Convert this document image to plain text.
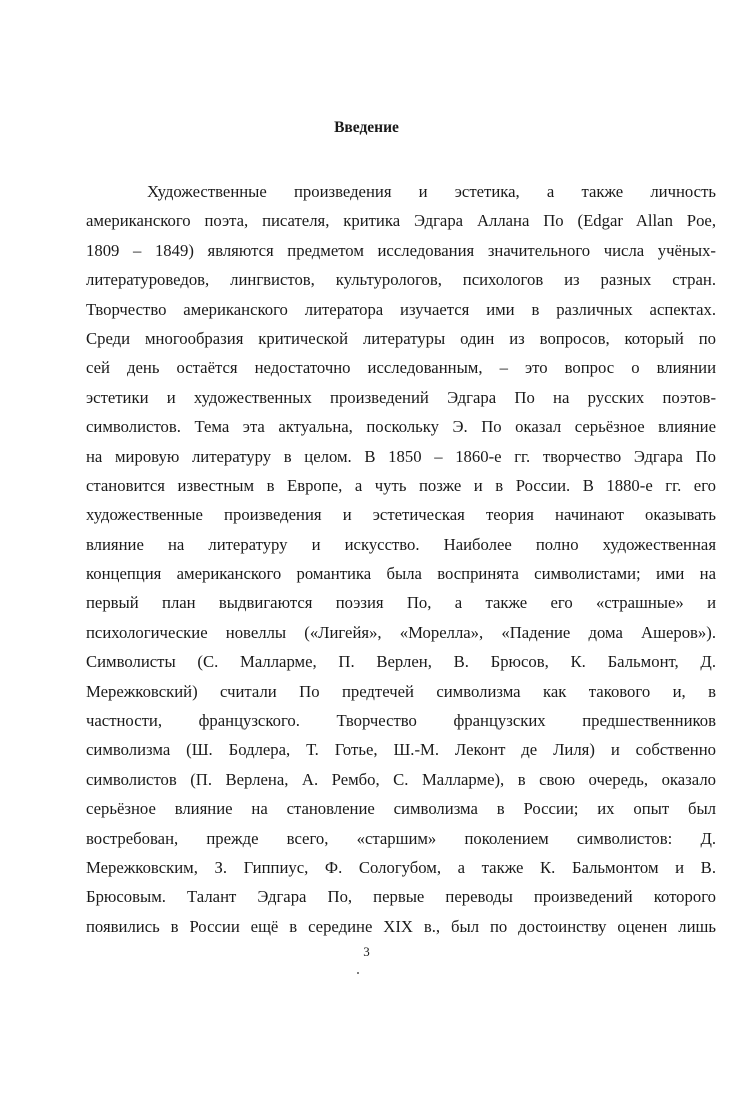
Введение
Художественные произведения и эстетика, а также личность
американского поэта, писателя, критика Эдгара Аллана По (Edgar Allan Poe,
1809 – 1849) являются предметом исследования значительного числа учёных-
литературоведов, лингвистов, культурологов, психологов из разных стран.
Творчество американского литератора изучается ими в различных аспектах.
Среди многообразия критической литературы один из вопросов, который по
сей день остаётся недостаточно исследованным, – это вопрос о влиянии
эстетики и художественных произведений Эдгара По на русских поэтов-
символистов. Тема эта актуальна, поскольку Э. По оказал серьёзное влияние
на мировую литературу в целом. В 1850 – 1860-е гг. творчество Эдгара По
становится известным в Европе, а чуть позже и в России. В 1880-е гг. его
художественные произведения и эстетическая теория начинают оказывать
влияние на литературу и искусство. Наиболее полно художественная
концепция американского романтика была воспринята символистами; ими на
первый план выдвигаются поэзия По, а также его «страшные» и
психологические новеллы («Лигейя», «Морелла», «Падение дома Ашеров»).
Символисты (С. Малларме, П. Верлен, В. Брюсов, К. Бальмонт, Д.
Мережковский) считали По предтечей символизма как такового и, в
частности, французского. Творчество французских предшественников
символизма (Ш. Бодлера, Т. Готье, Ш.-М. Леконт де Лиля) и собственно
символистов (П. Верлена, А. Рембо, С. Малларме), в свою очередь, оказало
серьёзное влияние на становление символизма в России; их опыт был
востребован, прежде всего, «старшим» поколением символистов: Д.
Мережковским, З. Гиппиус, Ф. Сологубом, а также К. Бальмонтом и В.
Брюсовым. Талант Эдгара По, первые переводы произведений которого
появились в России ещё в середине XIX в., был по достоинству оценен лишь
3
